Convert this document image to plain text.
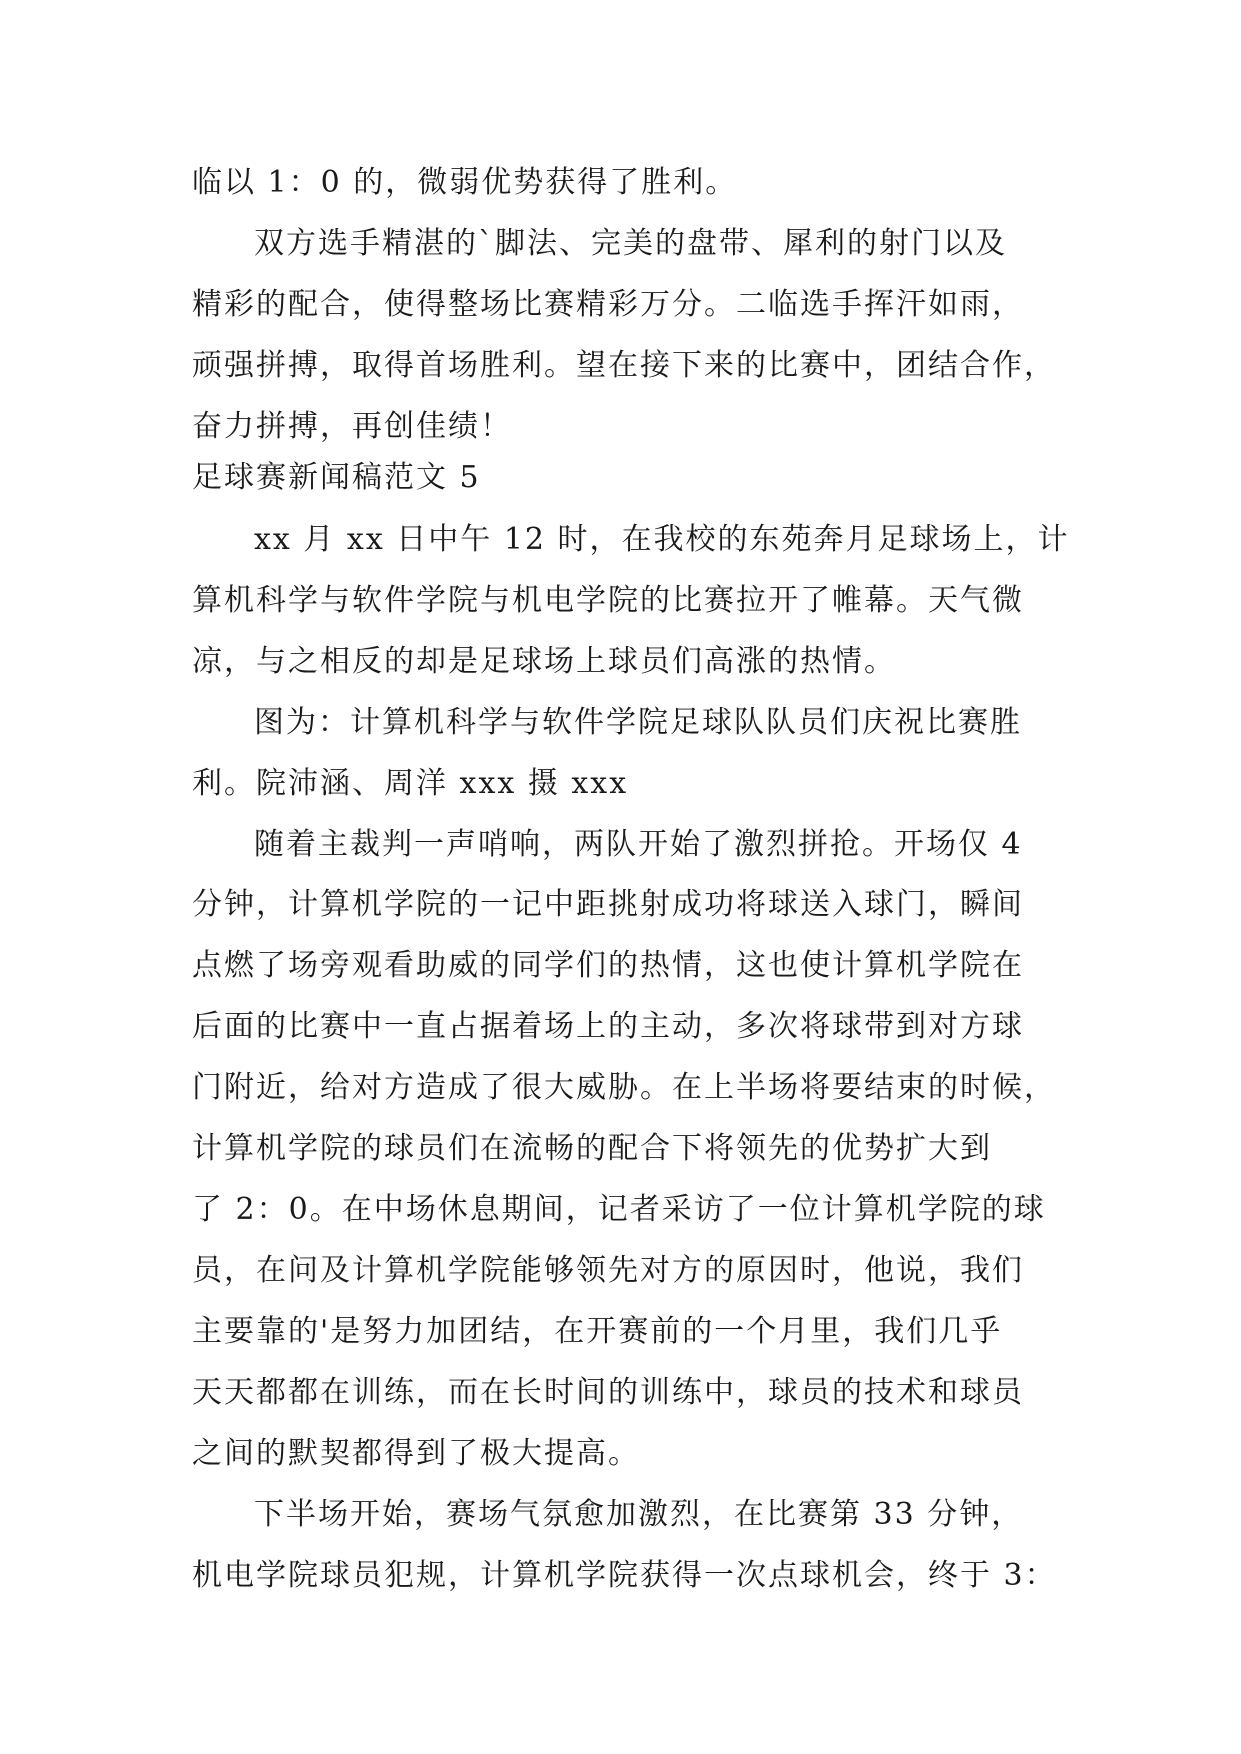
临以 1：0 的，微弱优势获得了胜利。

双方选手精湛的`脚法、完美的盘带、犀利的射门以及

精彩的配合，使得整场比赛精彩万分。二临选手挥汗如雨，

顽强拼搏，取得首场胜利。望在接下来的比赛中，团结合作，

奋力拼搏，再创佳绩！

足球赛新闻稿范文 5

xx 月 xx 日中午 12 时，在我校的东苑奔月足球场上，计

算机科学与软件学院与机电学院的比赛拉开了帷幕。天气微

凉，与之相反的却是足球场上球员们高涨的热情。

图为：计算机科学与软件学院足球队队员们庆祝比赛胜

利。院沛涵、周洋 xxx 摄 xxx

随着主裁判一声哨响，两队开始了激烈拼抢。开场仅 4

分钟，计算机学院的一记中距挑射成功将球送入球门，瞬间

点燃了场旁观看助威的同学们的热情，这也使计算机学院在

后面的比赛中一直占据着场上的主动，多次将球带到对方球

门附近，给对方造成了很大威胁。在上半场将要结束的时候，

计算机学院的球员们在流畅的配合下将领先的优势扩大到

了 2：0。在中场休息期间，记者采访了一位计算机学院的球

员，在问及计算机学院能够领先对方的原因时，他说，我们

主要靠的'是努力加团结，在开赛前的一个月里，我们几乎

天天都都在训练，而在长时间的训练中，球员的技术和球员

之间的默契都得到了极大提高。

下半场开始，赛场气氛愈加激烈，在比赛第 33 分钟，

机电学院球员犯规，计算机学院获得一次点球机会，终于 3：
